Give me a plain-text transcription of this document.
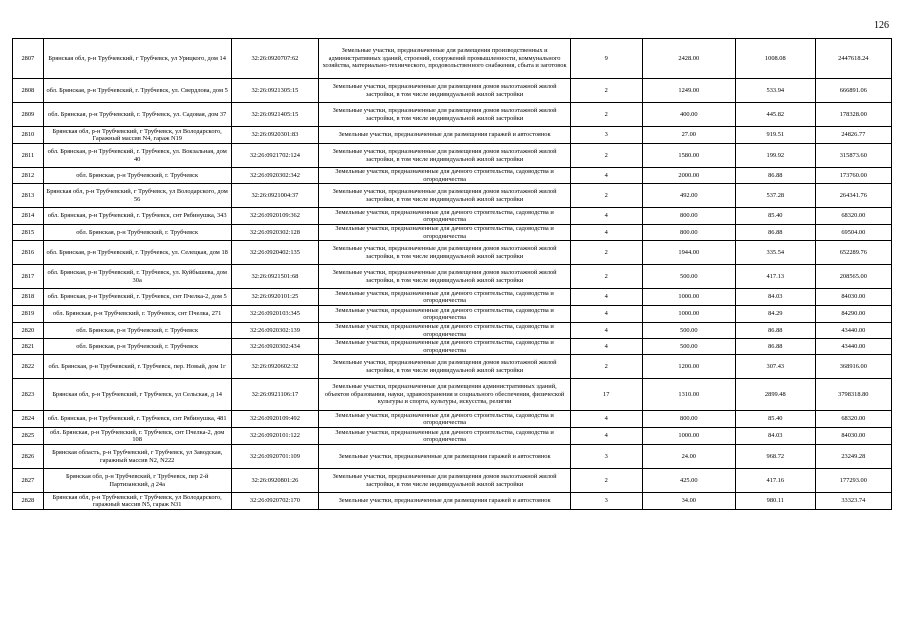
126
2807	Брянская обл, р-н Трубчевский, г Трубчевск, ул Урицкого, дом 14	32:26:0920707:62	Земельные участки, предназначенные для размещения производственных и административных зданий, строений, сооружений промышленности, коммунального хозяйства, материально-технического, продовольственного снабжения, сбыта и заготовок	9	2428.00	1008.08	2447618.24
2808	обл. Брянская, р-н Трубчевский, г. Трубчевск, ул. Свердлова, дом 5	32:26:0921305:15	Земельные участки, предназначенные для размещения домов малоэтажной жилой застройки, в том числе индивидуальной жилой застройки	2	1249.00	533.94	666891.06
2809	обл. Брянская, р-н Трубчевский, г. Трубчевск, ул. Садовая, дом 37	32:26:0921405:15	Земельные участки, предназначенные для размещения домов малоэтажной жилой застройки, в том числе индивидуальной жилой застройки	2	400.00	445.82	178328.00
2810	Брянская обл, р-н Трубчевский, г Трубчевск, ул Володарского, Гаражный массив N4, гараж N19	32:26:0920301:83	Земельные участки, предназначенные для размещения гаражей и автостоянок	3	27.00	919.51	24826.77
2811	обл. Брянская, р-н Трубчевский, г. Трубчевск, ул. Вокзальная, дом 40	32:26:0921702:124	Земельные участки, предназначенные для размещения домов малоэтажной жилой застройки, в том числе индивидуальной жилой застройки	2	1580.00	199.92	315873.60
2812	обл. Брянская, р-н Трубчевский, г. Трубчевск	32:26:0920302:342	Земельные участки, предназначенные для дачного строительства, садоводства и огородничества	4	2000.00	86.88	173760.00
2813	Брянская обл, р-н Трубчевский, г Трубчевск, ул Володарского, дом 56	32:26:0921004:37	Земельные участки, предназначенные для размещения домов малоэтажной жилой застройки, в том числе индивидуальной жилой застройки	2	492.00	537.28	264341.76
2814	обл. Брянская, р-н Трубчевский, г. Трубчевск, снт Рябинушка, 343	32:26:0920109:362	Земельные участки, предназначенные для дачного строительства, садоводства и огородничества	4	800.00	85.40	68320.00
2815	обл. Брянская, р-н Трубчевский, г. Трубчевск	32:26:0920302:128	Земельные участки, предназначенные для дачного строительства, садоводства и огородничества	4	800.00	86.88	69504.00
2816	обл. Брянская, р-н Трубчевский, г. Трубчевск, ул. Селецкая, дом 18	32:26:0920402:135	Земельные участки, предназначенные для размещения домов малоэтажной жилой застройки, в том числе индивидуальной жилой застройки	2	1944.00	335.54	652289.76
2817	обл. Брянская, р-н Трубчевский, г. Трубчевск, ул. Куйбышева, дом 30а	32:26:0921501:68	Земельные участки, предназначенные для размещения домов малоэтажной жилой застройки, в том числе индивидуальной жилой застройки	2	500.00	417.13	208565.00
2818	обл. Брянская, р-н Трубчевский, г. Трубчевск, снт Пчелка-2, дом 5	32:26:0920101:25	Земельные участки, предназначенные для дачного строительства, садоводства и огородничества	4	1000.00	84.03	84030.00
2819	обл. Брянская, р-н Трубчевский, г. Трубчевск, снт Пчелка, 271	32:26:0920103:345	Земельные участки, предназначенные для дачного строительства, садоводства и огородничества	4	1000.00	84.29	84290.00
2820	обл. Брянская, р-н Трубчевский, г. Трубчевск	32:26:0920302:139	Земельные участки, предназначенные для дачного строительства, садоводства и огородничества	4	500.00	86.88	43440.00
2821	обл. Брянская, р-н Трубчевский, г. Трубчевск	32:26:0920302:434	Земельные участки, предназначенные для дачного строительства, садоводства и огородничества	4	500.00	86.88	43440.00
2822	обл. Брянская, р-н Трубчевский, г. Трубчевск, пер. Новый, дом 1г	32:26:0920602:32	Земельные участки, предназначенные для размещения домов малоэтажной жилой застройки, в том числе индивидуальной жилой застройки	2	1200.00	307.43	368916.00
2823	Брянская обл, р-н Трубчевский, г Трубчевск, ул Сельская, д 14	32:26:0921106:17	Земельные участки, предназначенные для размещения административных зданий, объектов образования, науки, здравоохранения и социального обеспечения, физической культуры и спорта, культуры, искусства, религии	17	1310.00	2899.48	3798318.80
2824	обл. Брянская, р-н Трубчевский, г. Трубчевск, снт Рябинушка, 481	32:26:0920109:492	Земельные участки, предназначенные для дачного строительства, садоводства и огородничества	4	800.00	85.40	68320.00
2825	обл. Брянская, р-н Трубчевский, г. Трубчевск, снт Пчелка-2, дом 108	32:26:0920101:122	Земельные участки, предназначенные для дачного строительства, садоводства и огородничества	4	1000.00	84.03	84030.00
2826	Брянская область, р-н Трубчевский, г Трубчевск, ул Заводская, гаражный массив N2, N222	32:26:0920701:109	Земельные участки, предназначенные для размещения гаражей и автостоянок	3	24.00	968.72	23249.28
2827	Брянская обл, р-н Трубчевский, г Трубчевск, пер 2-й Партизанский, д 24а	32:26:0920801:26	Земельные участки, предназначенные для размещения домов малоэтажной жилой застройки, в том числе индивидуальной жилой застройки	2	425.00	417.16	177293.00
2828	Брянская обл, р-н Трубчевский, г Трубчевск, ул Володарского, гаражный массив N5, гараж N31	32:26:0920702:170	Земельные участки, предназначенные для размещения гаражей и автостоянок	3	34.00	980.11	33323.74
